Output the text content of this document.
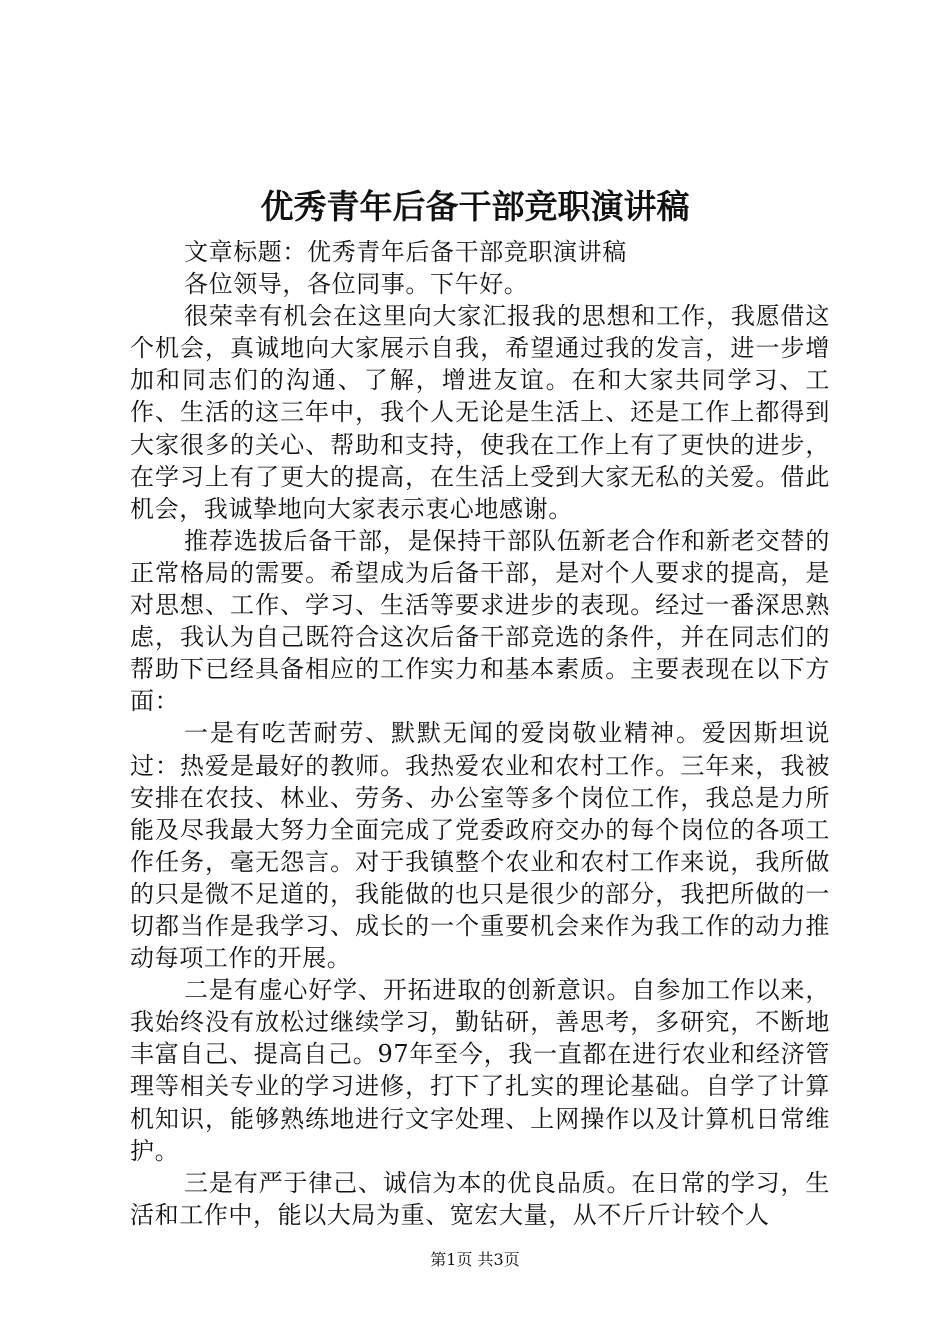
优秀青年后备干部竞职演讲稿

文章标题：优秀青年后备干部竞职演讲稿

各位领导，各位同事。下午好。

很荣幸有机会在这里向大家汇报我的思想和工作，我愿借这个机会，真诚地向大家展示自我，希望通过我的发言，进一步增加和同志们的沟通、了解，增进友谊。在和大家共同学习、工作、生活的这三年中，我个人无论是生活上、还是工作上都得到大家很多的关心、帮助和支持，使我在工作上有了更快的进步，在学习上有了更大的提高，在生活上受到大家无私的关爱。借此机会，我诚挚地向大家表示衷心地感谢。

推荐选拔后备干部，是保持干部队伍新老合作和新老交替的正常格局的需要。希望成为后备干部，是对个人要求的提高，是对思想、工作、学习、生活等要求进步的表现。经过一番深思熟虑，我认为自己既符合这次后备干部竞选的条件，并在同志们的帮助下已经具备相应的工作实力和基本素质。主要表现在以下方面：

一是有吃苦耐劳、默默无闻的爱岗敬业精神。爱因斯坦说过：热爱是最好的教师。我热爱农业和农村工作。三年来，我被安排在农技、林业、劳务、办公室等多个岗位工作，我总是力所能及尽我最大努力全面完成了党委政府交办的每个岗位的各项工作任务，毫无怨言。对于我镇整个农业和农村工作来说，我所做的只是微不足道的，我能做的也只是很少的部分，我把所做的一切都当作是我学习、成长的一个重要机会来作为我工作的动力推动每项工作的开展。

二是有虚心好学、开拓进取的创新意识。自参加工作以来，我始终没有放松过继续学习，勤钻研，善思考，多研究，不断地丰富自己、提高自己。97年至今，我一直都在进行农业和经济管理等相关专业的学习进修，打下了扎实的理论基础。自学了计算机知识，能够熟练地进行文字处理、上网操作以及计算机日常维护。

三是有严于律己、诚信为本的优良品质。在日常的学习，生活和工作中，能以大局为重、宽宏大量，从不斤斤计较个人

第1页 共3页
